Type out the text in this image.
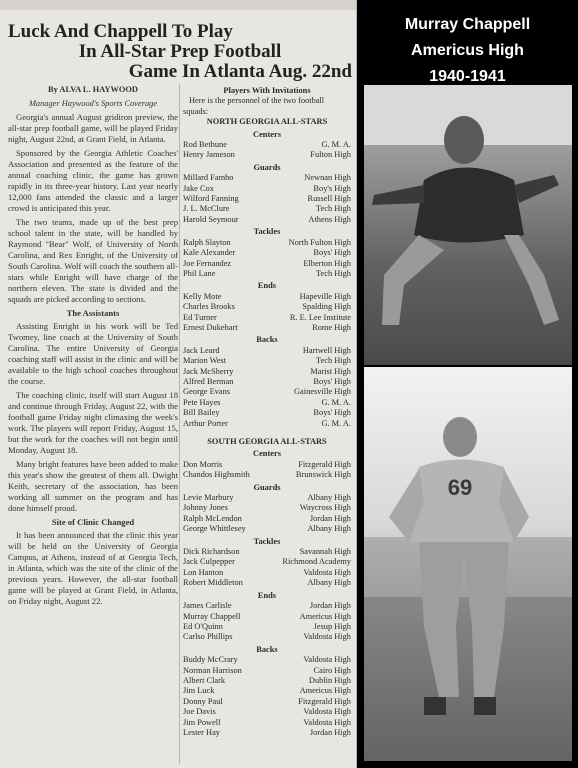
Luck And Chappell To Play
In All-Star Prep Football
Game In Atlanta Aug. 22nd

By ALVA L. HAYWOOD

Manager Haywood's Sports Coverage

Georgia's annual August gridiron preview, the all-star prep football game, will be played Friday night, August 22nd, at Grant Field, in Atlanta.

Sponsored by the Georgia Athletic Coaches' Association and presented as the feature of the annual coaching clinic, the game has grown rapidly in its three-year history. Last year nearly 12,000 fans attended the classic and a larger crowd is anticipated this year.

The two teams, made up of the best prep school talent in the state, will be handled by Raymond "Bear" Wolf, of University of North Carolina, and Rex Enright, of the University of South Carolina. Wolf will coach the southern all-stars while Enright will have charge of the northern eleven. The state is divided and the squads are picked according to sections.

The Assistants

Assisting Enright in his work will be Ted Twomey, line coach at the University of South Carolina. The entire University of Georgia coaching staff will assist in the clinic and will be available to the high school coaches throughout the course.

The coaching clinic, itself will start August 18 and continue through Friday, August 22, with the football game Friday night climaxing the week's work. The players will report Friday, August 15, but the work for the coaches will not begin until Monday, August 18.

Many bright features have been added to make this year's show the greatest of them all. Dwight Keith, secretary of the association, has been working all summer on the program and has done himself proud.

Site of Clinic Changed

It has been announced that the clinic this year will be held on the University of Georgia Campus, at Athens, instead of at Georgia Tech, in Atlanta, which was the site of the clinic of the previous years. However, the all-star football game will be played at Grant Field, in Atlanta, on Friday night, August 22.

Players With Invitations
Here is the personnel of the two football squads:
NORTH GEORGIA ALL-STARS
Centers
Rod Bethune	G. M. A.
Henry Jameson	Fulton High
Guards
Millard Fambo	Newnan High
Jake Cox	Boy's High
Wilford Fanning	Russell High
J. L. McClure	Tech High
Harold Seymour	Athens High
Tackles
Ralph Slayton	North Fulton High
Kale Alexander	Boys' High
Joe Fernandez	Elberton High
Phil Lane	Tech High
Ends
Kelly Mote	Hapeville High
Charles Brooks	Spalding High
Ed Turner	R. E. Lee Institute
Ernest Dukehart	Rome High
Backs
Jack Leard	Hartwell High
Marion West	Tech High
Jack McSherry	Marist High
Alfred Berman	Boys' High
George Evans	Gainesville High
Pete Hayes	G. M. A.
Bill Bailey	Boys' High
Arthur Porter	G. M. A.
SOUTH GEORGIA ALL-STARS
Centers
Don Morris	Fitzgerald High
Chandos Highsmith	Brunswick High
Guards
Levie Marbury	Albany High
Johnny Jones	Waycross High
Ralph McLendon	Jordan High
George Whittlesey	Albany High
Tackles
Dick Richardson	Savannah High
Jack Culpepper	Richmond Academy
Lon Hanton	Valdosta High
Robert Middleton	Albany High
Ends
James Carlisle	Jordan High
Murray Chappell	Americus High
Ed O'Quinn	Jesup High
Carlso Phillips	Valdosta High
Backs
Buddy McCrary	Valdosta High
Norman Harrison	Cairo High
Albert Clark	Dublin High
Jim Luck	Americus High
Donny Paul	Fitzgerald High
Joe Davis	Valdosta High
Jim Powell	Valdosta High
Lester Hay	Jordan High
Murray Chappell
Americus High
1940-1941
69
